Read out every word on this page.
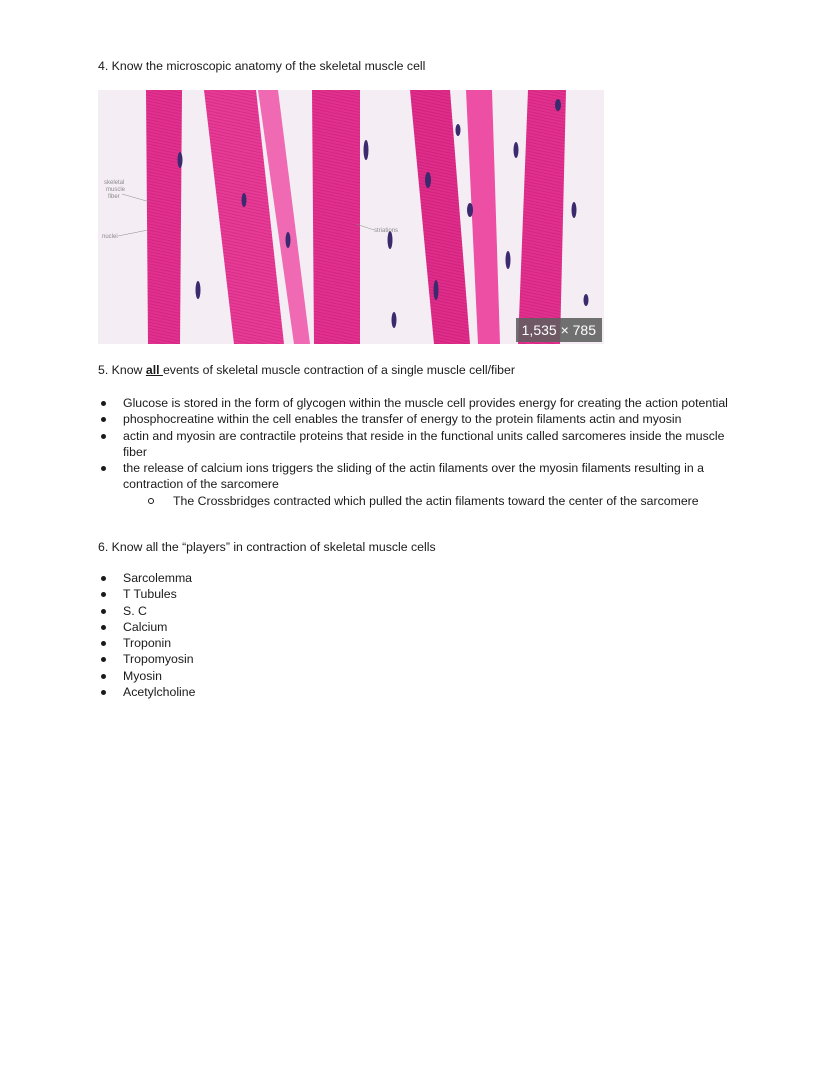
4. Know the microscopic anatomy of the skeletal muscle cell
skeletal
muscle
fiber
nuclei
striations
1,535 × 785
5. Know all events of skeletal muscle contraction of a single muscle cell/fiber
Glucose is stored in the form of glycogen within the muscle cell provides energy for creating the action potential
phosphocreatine within the cell enables the transfer of energy to the protein filaments actin and myosin
actin and myosin are contractile proteins that reside in the functional units called sarcomeres inside the muscle fiber
the release of calcium ions triggers the sliding of the actin filaments over the myosin filaments resulting in a contraction of the sarcomere
The Crossbridges contracted which pulled the actin filaments toward the center of the sarcomere
6. Know all the “players” in contraction of skeletal muscle cells
Sarcolemma
T Tubules
S. C
Calcium
Troponin
Tropomyosin
Myosin
Acetylcholine
